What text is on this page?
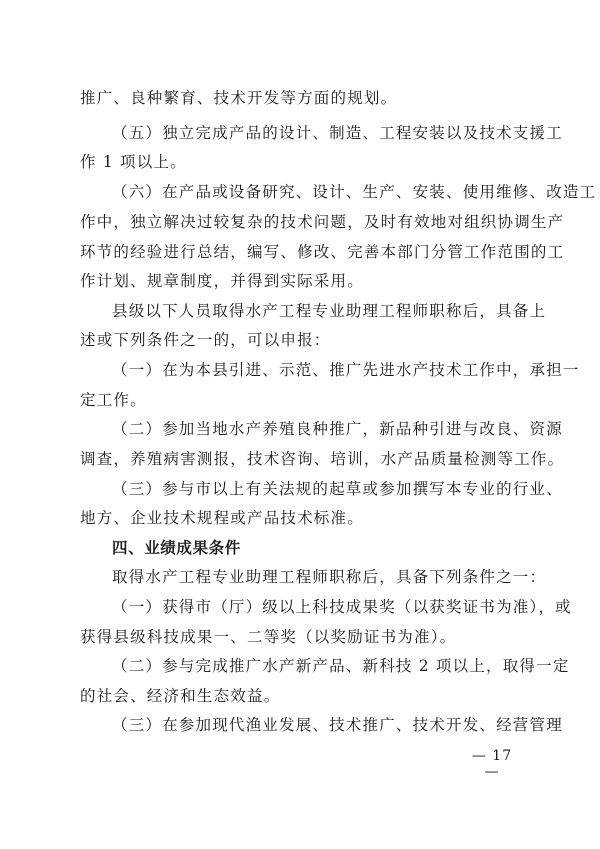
推广、良种繁育、技术开发等方面的规划。
（五）独立完成产品的设计、制造、工程安装以及技术支援工
作 1 项以上。
（六）在产品或设备研究、设计、生产、安装、使用维修、改造工
作中，独立解决过较复杂的技术问题，及时有效地对组织协调生产
环节的经验进行总结，编写、修改、完善本部门分管工作范围的工
作计划、规章制度，并得到实际采用。
县级以下人员取得水产工程专业助理工程师职称后，具备上
述或下列条件之一的，可以申报：
（一）在为本县引进、示范、推广先进水产技术工作中，承担一
定工作。
（二）参加当地水产养殖良种推广，新品种引进与改良、资源
调查，养殖病害测报，技术咨询、培训，水产品质量检测等工作。
（三）参与市以上有关法规的起草或参加撰写本专业的行业、
地方、企业技术规程或产品技术标准。
四、业绩成果条件
取得水产工程专业助理工程师职称后，具备下列条件之一：
（一）获得市（厅）级以上科技成果奖（以获奖证书为准），或
获得县级科技成果一、二等奖（以奖励证书为准）。
（二）参与完成推广水产新产品、新科技 2 项以上，取得一定
的社会、经济和生态效益。
（三）在参加现代渔业发展、技术推广、技术开发、经营管理
— 17 —
